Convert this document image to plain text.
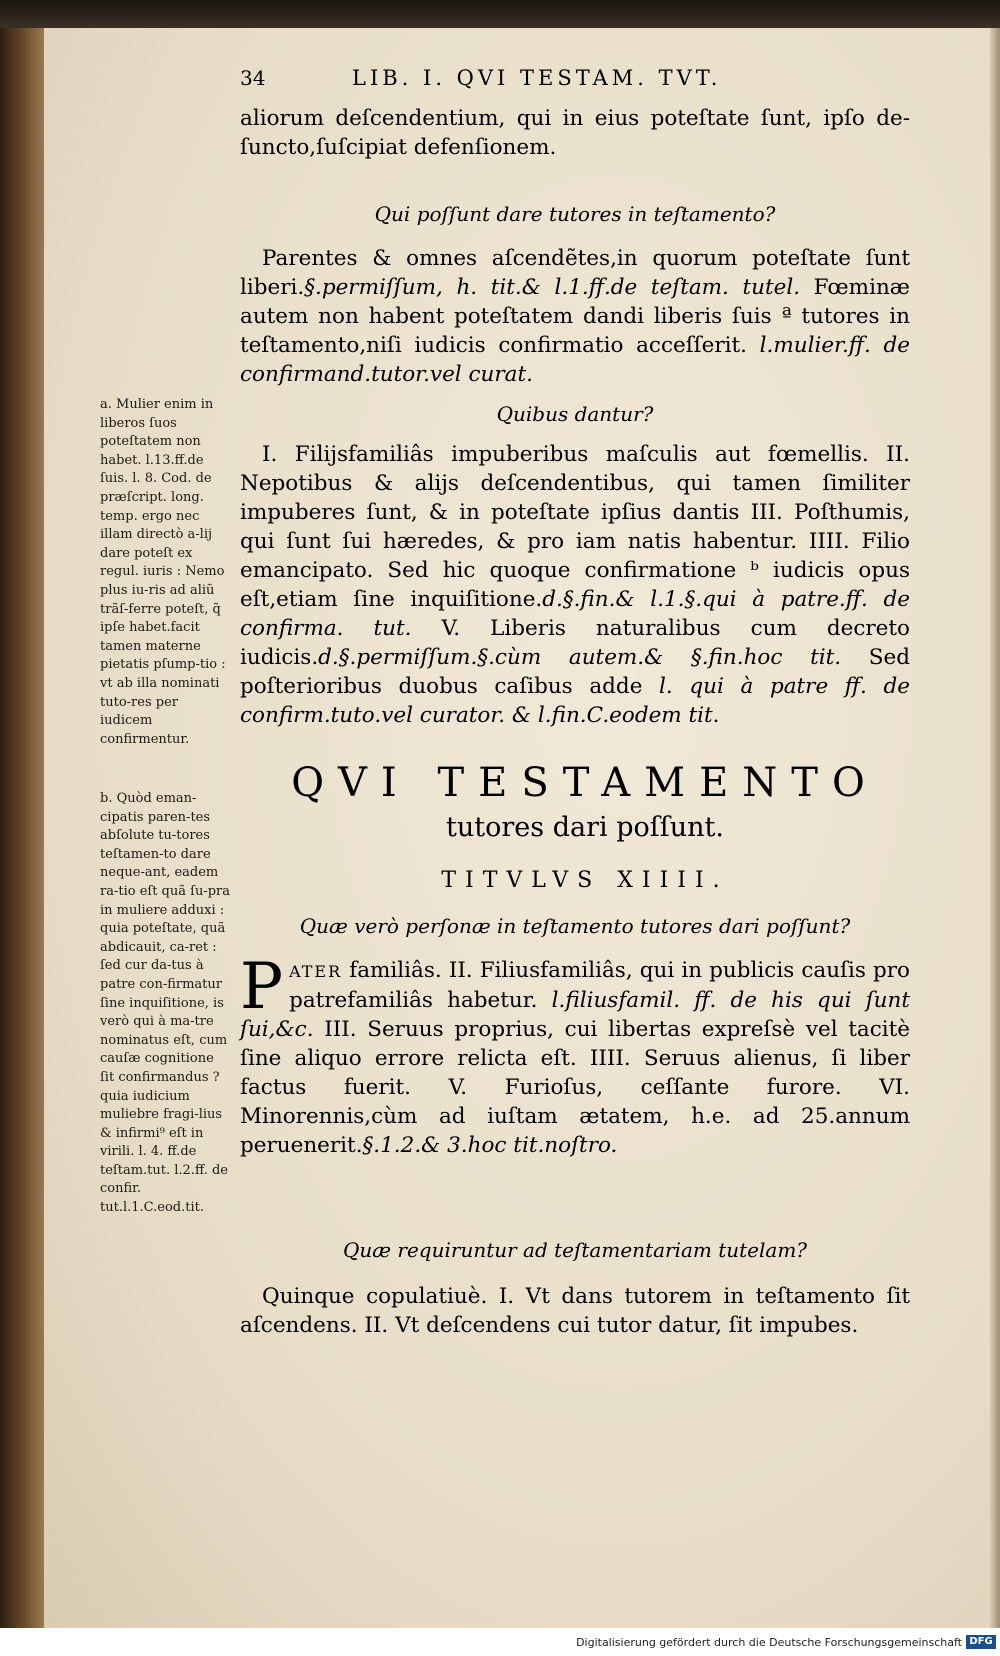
34	LIB. I. QVI TESTAM. TVT.
aliorum deſcendentium, qui in eius poteſtate ſunt, ipſo de-ſuncto,ſuſcipiat defenſionem.
Qui poſſunt dare tutores in teſtamento?
Parentes & omnes aſcendẽtes,in quorum poteſtate ſunt liberi.§.permiſſum, h. tit.& l.1.ff.de teſtam. tutel. Fœminæ autem non habent poteſtatem dandi liberis ſuis ª tutores in teſtamento,niſi iudicis confirmatio acceſſerit. l.mulier.ff. de confirmand.tutor.vel curat.
Quibus dantur?
I. Filijsfamiliâs impuberibus maſculis aut fœmellis. II. Nepotibus & alijs deſcendentibus, qui tamen ſimiliter impuberes ſunt, & in poteſtate ipſius dantis III. Poſthumis, qui ſunt ſui hæredes, & pro iam natis habentur. IIII. Filio emancipato. Sed hic quoque confirmatione ᵇ iudicis opus eſt,etiam ſine inquiſitione.d.§.fin.& l.1.§.qui à patre.ff. de confirma. tut. V. Liberis naturalibus cum decreto iudicis.d.§.permiſſum.§.cùm autem.& §.fin.hoc tit. Sed poſterioribus duobus caſibus adde l. qui à patre ff. de confirm.tuto.vel curator. & l.fin.C.eodem tit.
QVI TESTAMENTO
tutores dari poſſunt.
TITVLVS XIIII.
Quæ verò perſonæ in teſtamento tutores dari poſſunt?
PATER familiâs. II. Filiusfamiliâs, qui in publicis cauſis pro patrefamiliâs habetur. l.filiusfamil. ff. de his qui ſunt ſui,&c. III. Seruus proprius, cui libertas expreſsè vel tacitè ſine aliquo errore relicta eſt. IIII. Seruus alienus, ſi liber factus fuerit. V. Furioſus, ceſſante furore. VI. Minorennis,cùm ad iuſtam ætatem, h.e. ad 25.annum peruenerit.§.1.2.& 3.hoc tit.noſtro.
Quæ requiruntur ad teſtamentariam tutelam?
Quinque copulatiuè. I. Vt dans tutorem in teſtamento ſit aſcendens. II. Vt deſcendens cui tutor datur, ſit impubes.
a. Mulier enim in liberos ſuos poteſtatem non habet. l.13.ff.de ſuis. l. 8. Cod. de præſcript. long. temp. ergo nec illam directò a-lij dare poteſt ex regul. iuris : Nemo plus iu-ris ad aliũ trãſ-ferre poteſt, q̃ ipſe habet.facit tamen materne pietatis pſump-tio : vt ab illa nominati tuto-res per iudicem confirmentur.
b. Quòd eman-cipatis paren-tes abſolute tu-tores teſtamen-to dare neque-ant, eadem ra-tio eſt quã ſu-pra in muliere adduxi : quia poteſtate, quã abdicauit, ca-ret : ſed cur da-tus à patre con-firmatur ſine inquiſitione, is verò qui à ma-tre nominatus eſt, cum cauſæ cognitione ſit confirmandus ? quia iudicium muliebre fragi-lius & infirmi⁹ eſt in virili. l. 4. ff.de teſtam.tut. l.2.ff. de confir. tut.l.1.C.eod.tit.
Digitalisierung gefördert durch die Deutsche Forschungsgemeinschaft DFG
